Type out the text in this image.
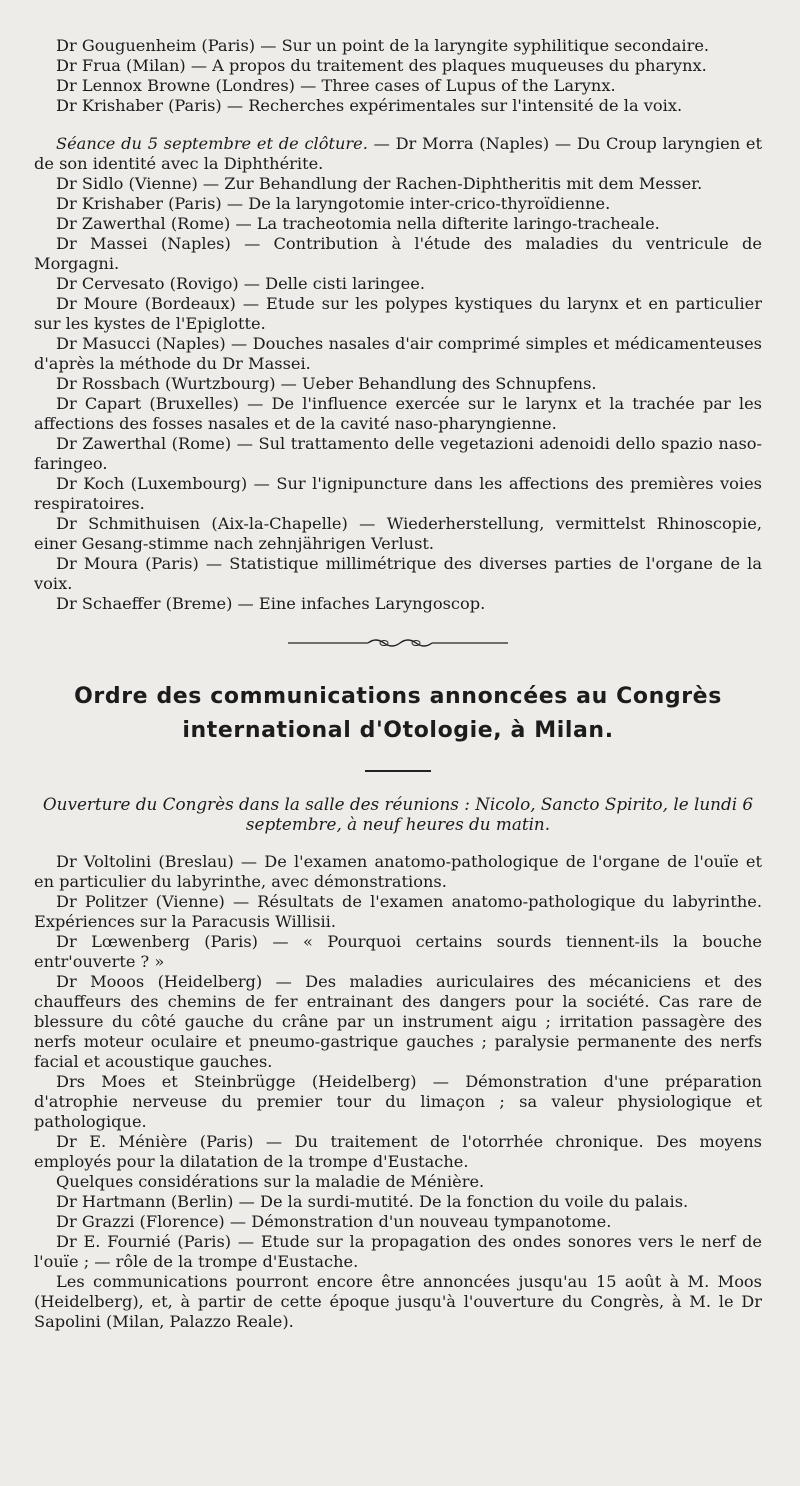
Dr Gouguenheim (Paris) — Sur un point de la laryngite syphilitique secondaire.

Dr Frua (Milan) — A propos du traitement des plaques muqueuses du pharynx.

Dr Lennox Browne (Londres) — Three cases of Lupus of the Larynx.

Dr Krishaber (Paris) — Recherches expérimentales sur l'intensité de la voix.

Séance du 5 septembre et de clôture. — Dr Morra (Naples) — Du Croup laryngien et de son identité avec la Diphthérite.

Dr Sidlo (Vienne) — Zur Behandlung der Rachen-Diphtheritis mit dem Messer.

Dr Krishaber (Paris) — De la laryngotomie inter-crico-thyroïdienne.

Dr Zawerthal (Rome) — La tracheotomia nella difterite laringo-tracheale.

Dr Massei (Naples) — Contribution à l'étude des maladies du ventricule de Morgagni.

Dr Cervesato (Rovigo) — Delle cisti laringee.

Dr Moure (Bordeaux) — Etude sur les polypes kystiques du larynx et en particulier sur les kystes de l'Epiglotte.

Dr Masucci (Naples) — Douches nasales d'air comprimé simples et médicamenteuses d'après la méthode du Dr Massei.

Dr Rossbach (Wurtzbourg) — Ueber Behandlung des Schnupfens.

Dr Capart (Bruxelles) — De l'influence exercée sur le larynx et la trachée par les affections des fosses nasales et de la cavité naso-pharyngienne.

Dr Zawerthal (Rome) — Sul trattamento delle vegetazioni adenoidi dello spazio naso-faringeo.

Dr Koch (Luxembourg) — Sur l'ignipuncture dans les affections des premières voies respiratoires.

Dr Schmithuisen (Aix-la-Chapelle) — Wiederherstellung, vermittelst Rhinoscopie, einer Gesang-stimme nach zehnjährigen Verlust.

Dr Moura (Paris) — Statistique millimétrique des diverses parties de l'organe de la voix.

Dr Schaeffer (Breme) — Eine infaches Laryngoscop.

Ordre des communications annoncées au Congrès
international d'Otologie, à Milan.

Ouverture du Congrès dans la salle des réunions : Nicolo, Sancto Spirito, le lundi 6 septembre, à neuf heures du matin.

Dr Voltolini (Breslau) — De l'examen anatomo-pathologique de l'organe de l'ouïe et en particulier du labyrinthe, avec démonstrations.

Dr Politzer (Vienne) — Résultats de l'examen anatomo-pathologique du labyrinthe. Expériences sur la Paracusis Willisii.

Dr Lœwenberg (Paris) — « Pourquoi certains sourds tiennent-ils la bouche entr'ouverte ? »

Dr Mooos (Heidelberg) — Des maladies auriculaires des mécaniciens et des chauffeurs des chemins de fer entrainant des dangers pour la société. Cas rare de blessure du côté gauche du crâne par un instrument aigu ; irritation passagère des nerfs moteur oculaire et pneumo-gastrique gauches ; paralysie permanente des nerfs facial et acoustique gauches.

Drs Moes et Steinbrügge (Heidelberg) — Démonstration d'une préparation d'atrophie nerveuse du premier tour du limaçon ; sa valeur physiologique et pathologique.

Dr E. Ménière (Paris) — Du traitement de l'otorrhée chronique. Des moyens employés pour la dilatation de la trompe d'Eustache.

Quelques considérations sur la maladie de Ménière.

Dr Hartmann (Berlin) — De la surdi-mutité. De la fonction du voile du palais.

Dr Grazzi (Florence) — Démonstration d'un nouveau tympanotome.

Dr E. Fournié (Paris) — Etude sur la propagation des ondes sonores vers le nerf de l'ouïe ; — rôle de la trompe d'Eustache.

Les communications pourront encore être annoncées jusqu'au 15 août à M. Moos (Heidelberg), et, à partir de cette époque jusqu'à l'ouverture du Congrès, à M. le Dr Sapolini (Milan, Palazzo Reale).
